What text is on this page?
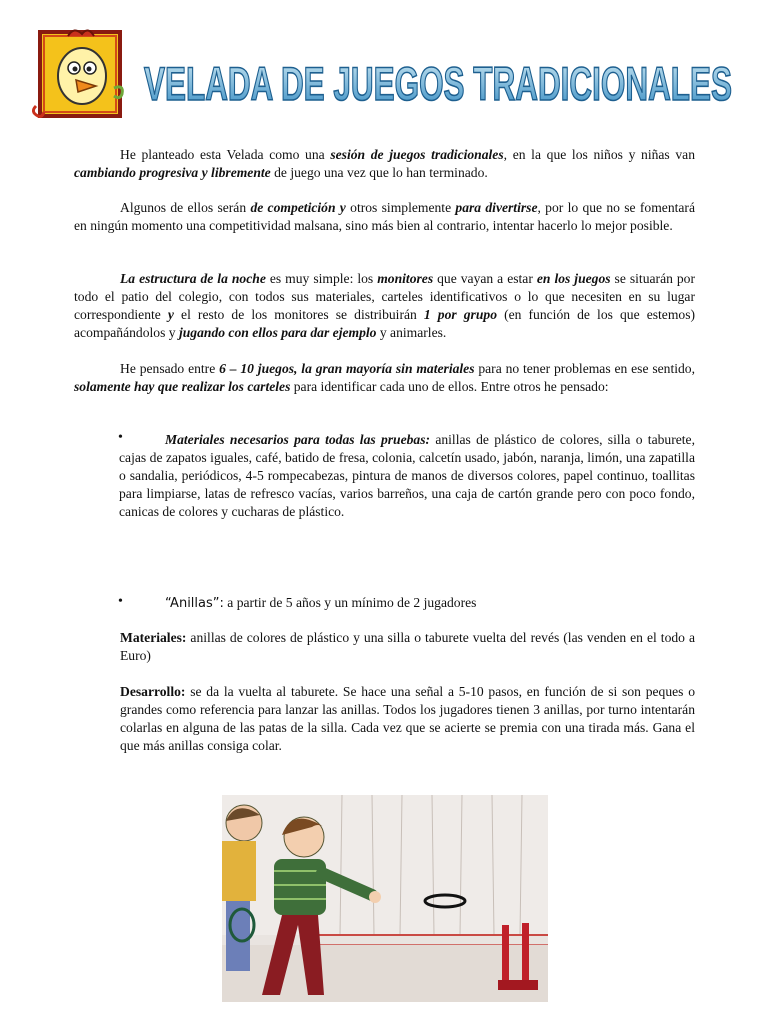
VELADA DE JUEGOS TRADICIONALES

He planteado esta Velada como una sesión de juegos tradicionales, en la que los niños y niñas van cambiando progresiva y libremente de juego una vez que lo han terminado.

Algunos de ellos serán de competición y otros simplemente para divertirse, por lo que no se fomentará en ningún momento una competitividad malsana, sino más bien al contrario, intentar hacerlo lo mejor posible.

La estructura de la noche es muy simple: los monitores que vayan a estar en los juegos se situarán por todo el patio del colegio, con todos sus materiales, carteles identificativos o lo que necesiten en su lugar correspondiente y el resto de los monitores se distribuirán 1 por grupo (en función de los que estemos) acompañándolos y jugando con ellos para dar ejemplo y animarles.

He pensado entre 6 – 10 juegos, la gran mayoría sin materiales para no tener problemas en ese sentido, solamente hay que realizar los carteles para identificar cada uno de ellos. Entre otros he pensado:

•	Materiales necesarios para todas las pruebas: anillas de plástico de colores, silla o taburete, cajas de zapatos iguales, café, batido de fresa, colonia, calcetín usado, jabón, naranja, limón, una zapatilla o sandalia, periódicos, 4-5 rompecabezas, pintura de manos de diversos colores, papel continuo, toallitas para limpiarse, latas de refresco vacías, varios barreños, una caja de cartón grande pero con poco fondo, canicas de colores y cucharas de plástico.

•	“Anillas”: a partir de 5 años y un mínimo de 2 jugadores

Materiales: anillas de colores de plástico y una silla o taburete vuelta del revés (las venden en el todo a Euro)

Desarrollo: se da la vuelta al taburete. Se hace una señal a 5-10 pasos, en función de si son peques o grandes como referencia para lanzar las anillas. Todos los jugadores tienen 3 anillas, por turno intentarán colarlas en alguna de las patas de la silla. Cada vez que se acierte se premia con una tirada más. Gana el que más anillas consiga colar.
